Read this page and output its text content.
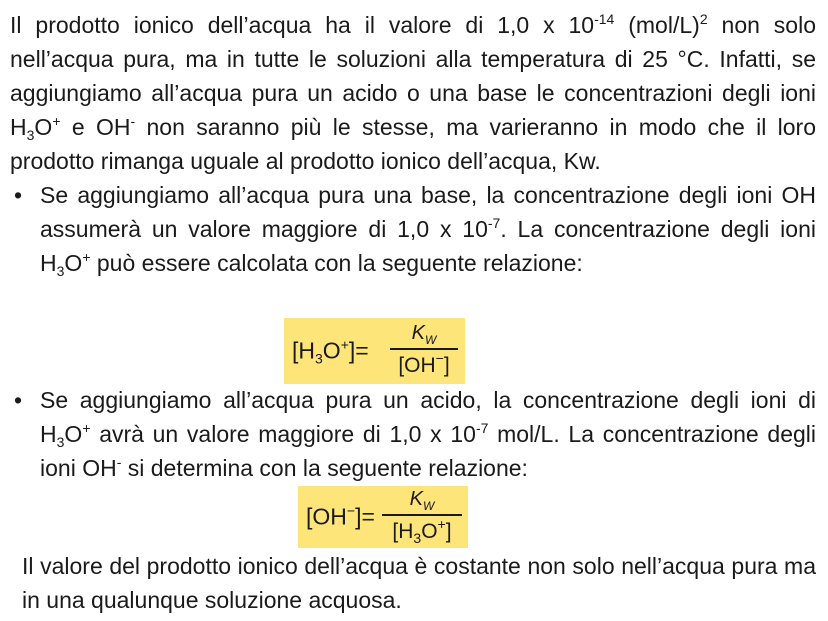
Il prodotto ionico dell’acqua ha il valore di 1,0 x $10^{-14}$ $(mol/L)^2$ non solo nell’acqua pura, ma in tutte le soluzioni alla temperatura di 25 °C. Infatti, se aggiungiamo all’acqua pura un acido o una base le concentrazioni degli ioni $H_3O^+$ e OH- non saranno più le stesse, ma varieranno in modo che il loro prodotto rimanga uguale al prodotto ionico dell’acqua, Kw.
• Se aggiungiamo all’acqua pura una base, la concentrazione degli ioni OH assumerà un valore maggiore di 1,0 x $10^{-7}$. La concentrazione degli ioni $H_3O^+$ può essere calcolata con la seguente relazione:
$[H_3O^+]=$
$K_W$
[OH−]
• Se aggiungiamo all’acqua pura un acido, la concentrazione degli ioni di $H_3O^+$ avrà un valore maggiore di 1,0 x $10^{-7}$ mol/L. La concentrazione degli ioni OH- si determina con la seguente relazione:
[OH−]=
$K_W$
$[H_3O^+]$
Il valore del prodotto ionico dell’acqua è costante non solo nell’acqua pura ma in una qualunque soluzione acquosa.
